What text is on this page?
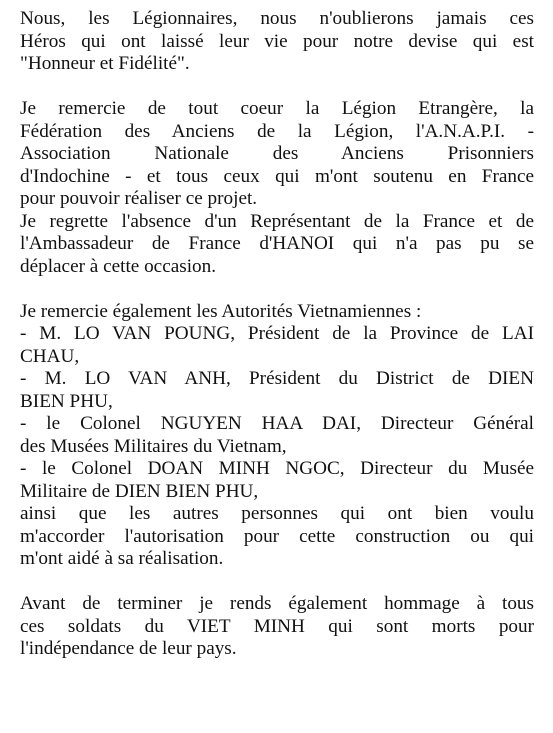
Nous, les Légionnaires, nous n'oublierons jamais ces
Héros qui ont laissé leur vie pour notre devise qui est
"Honneur et Fidélité".

Je remercie de tout coeur la Légion Etrangère, la
Fédération des Anciens de la Légion, l'A.N.A.P.I. -
Association Nationale des Anciens Prisonniers
d'Indochine - et tous ceux qui m'ont soutenu en France
pour pouvoir réaliser ce projet.
Je regrette l'absence d'un Représentant de la France et de
l'Ambassadeur de France d'HANOI qui n'a pas pu se
déplacer à cette occasion.

Je remercie également les Autorités Vietnamiennes :
- M. LO VAN POUNG, Président de la Province de LAI
CHAU,
- M. LO VAN ANH, Président du District de DIEN
BIEN PHU,
- le Colonel NGUYEN HAA DAI, Directeur Général
des Musées Militaires du Vietnam,
- le Colonel DOAN MINH NGOC, Directeur du Musée
Militaire de DIEN BIEN PHU,
ainsi que les autres personnes qui ont bien voulu
m'accorder l'autorisation pour cette construction ou qui
m'ont aidé à sa réalisation.

Avant de terminer je rends également hommage à tous
ces soldats du VIET MINH qui sont morts pour
l'indépendance de leur pays.
